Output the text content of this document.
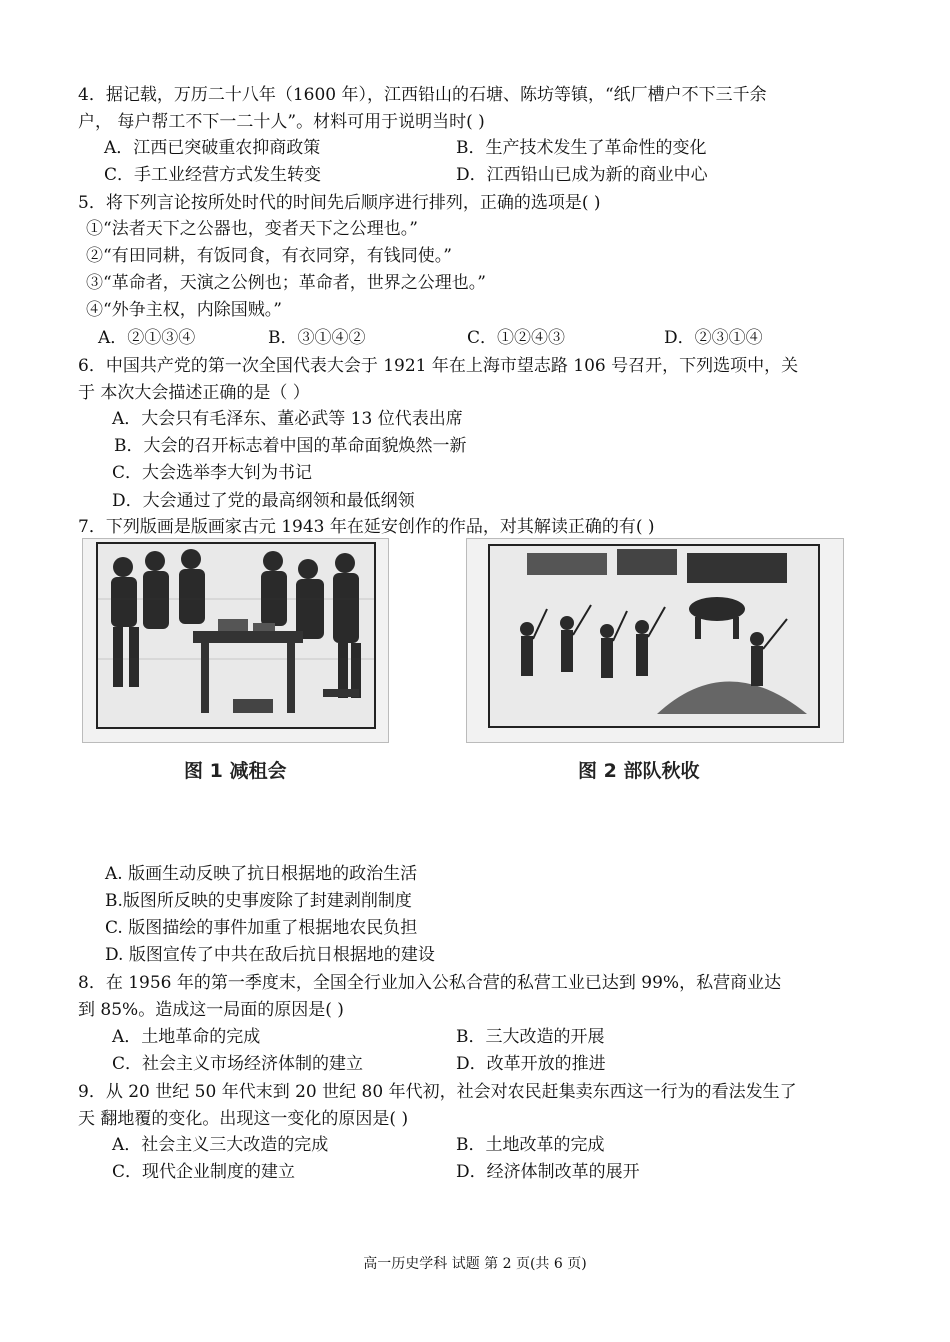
4．据记载，万历二十八年（1600 年），江西铅山的石塘、陈坊等镇，“纸厂槽户不下三千余
户， 每户帮工不下一二十人”。材料可用于说明当时( )
A．江西已突破重农抑商政策	B．生产技术发生了革命性的变化
C．手工业经营方式发生转变	D．江西铅山已成为新的商业中心
5．将下列言论按所处时代的时间先后顺序进行排列，正确的选项是( )
①“法者天下之公器也，变者天下之公理也。”
②“有田同耕，有饭同食，有衣同穿，有钱同使。”
③“革命者，天演之公例也；革命者，世界之公理也。”
④“外争主权，内除国贼。”
A．②①③④	B．③①④②	C．①②④③	D．②③①④
6．中国共产党的第一次全国代表大会于 1921 年在上海市望志路 106 号召开，下列选项中，关
于 本次大会描述正确的是（ ）
A．大会只有毛泽东、董必武等 13 位代表出席
B．大会的召开标志着中国的革命面貌焕然一新
C．大会选举李大钊为书记
D．大会通过了党的最高纲领和最低纲领
7．下列版画是版画家古元 1943 年在延安创作的作品，对其解读正确的有( )
图 1 减租会	图 2 部队秋收
A. 版画生动反映了抗日根据地的政治生活
B.版图所反映的史事废除了封建剥削制度
C. 版图描绘的事件加重了根据地农民负担
D. 版图宣传了中共在敌后抗日根据地的建设
8．在 1956 年的第一季度末，全国全行业加入公私合营的私营工业已达到 99%，私营商业达
到 85%。造成这一局面的原因是( )
A．土地革命的完成	B．三大改造的开展
C．社会主义市场经济体制的建立	D．改革开放的推进
9．从 20 世纪 50 年代末到 20 世纪 80 年代初，社会对农民赶集卖东西这一行为的看法发生了
天 翻地覆的变化。出现这一变化的原因是( )
A．社会主义三大改造的完成	B．土地改革的完成
C．现代企业制度的建立	D．经济体制改革的展开
高一历史学科 试题 第 2 页(共 6 页)
